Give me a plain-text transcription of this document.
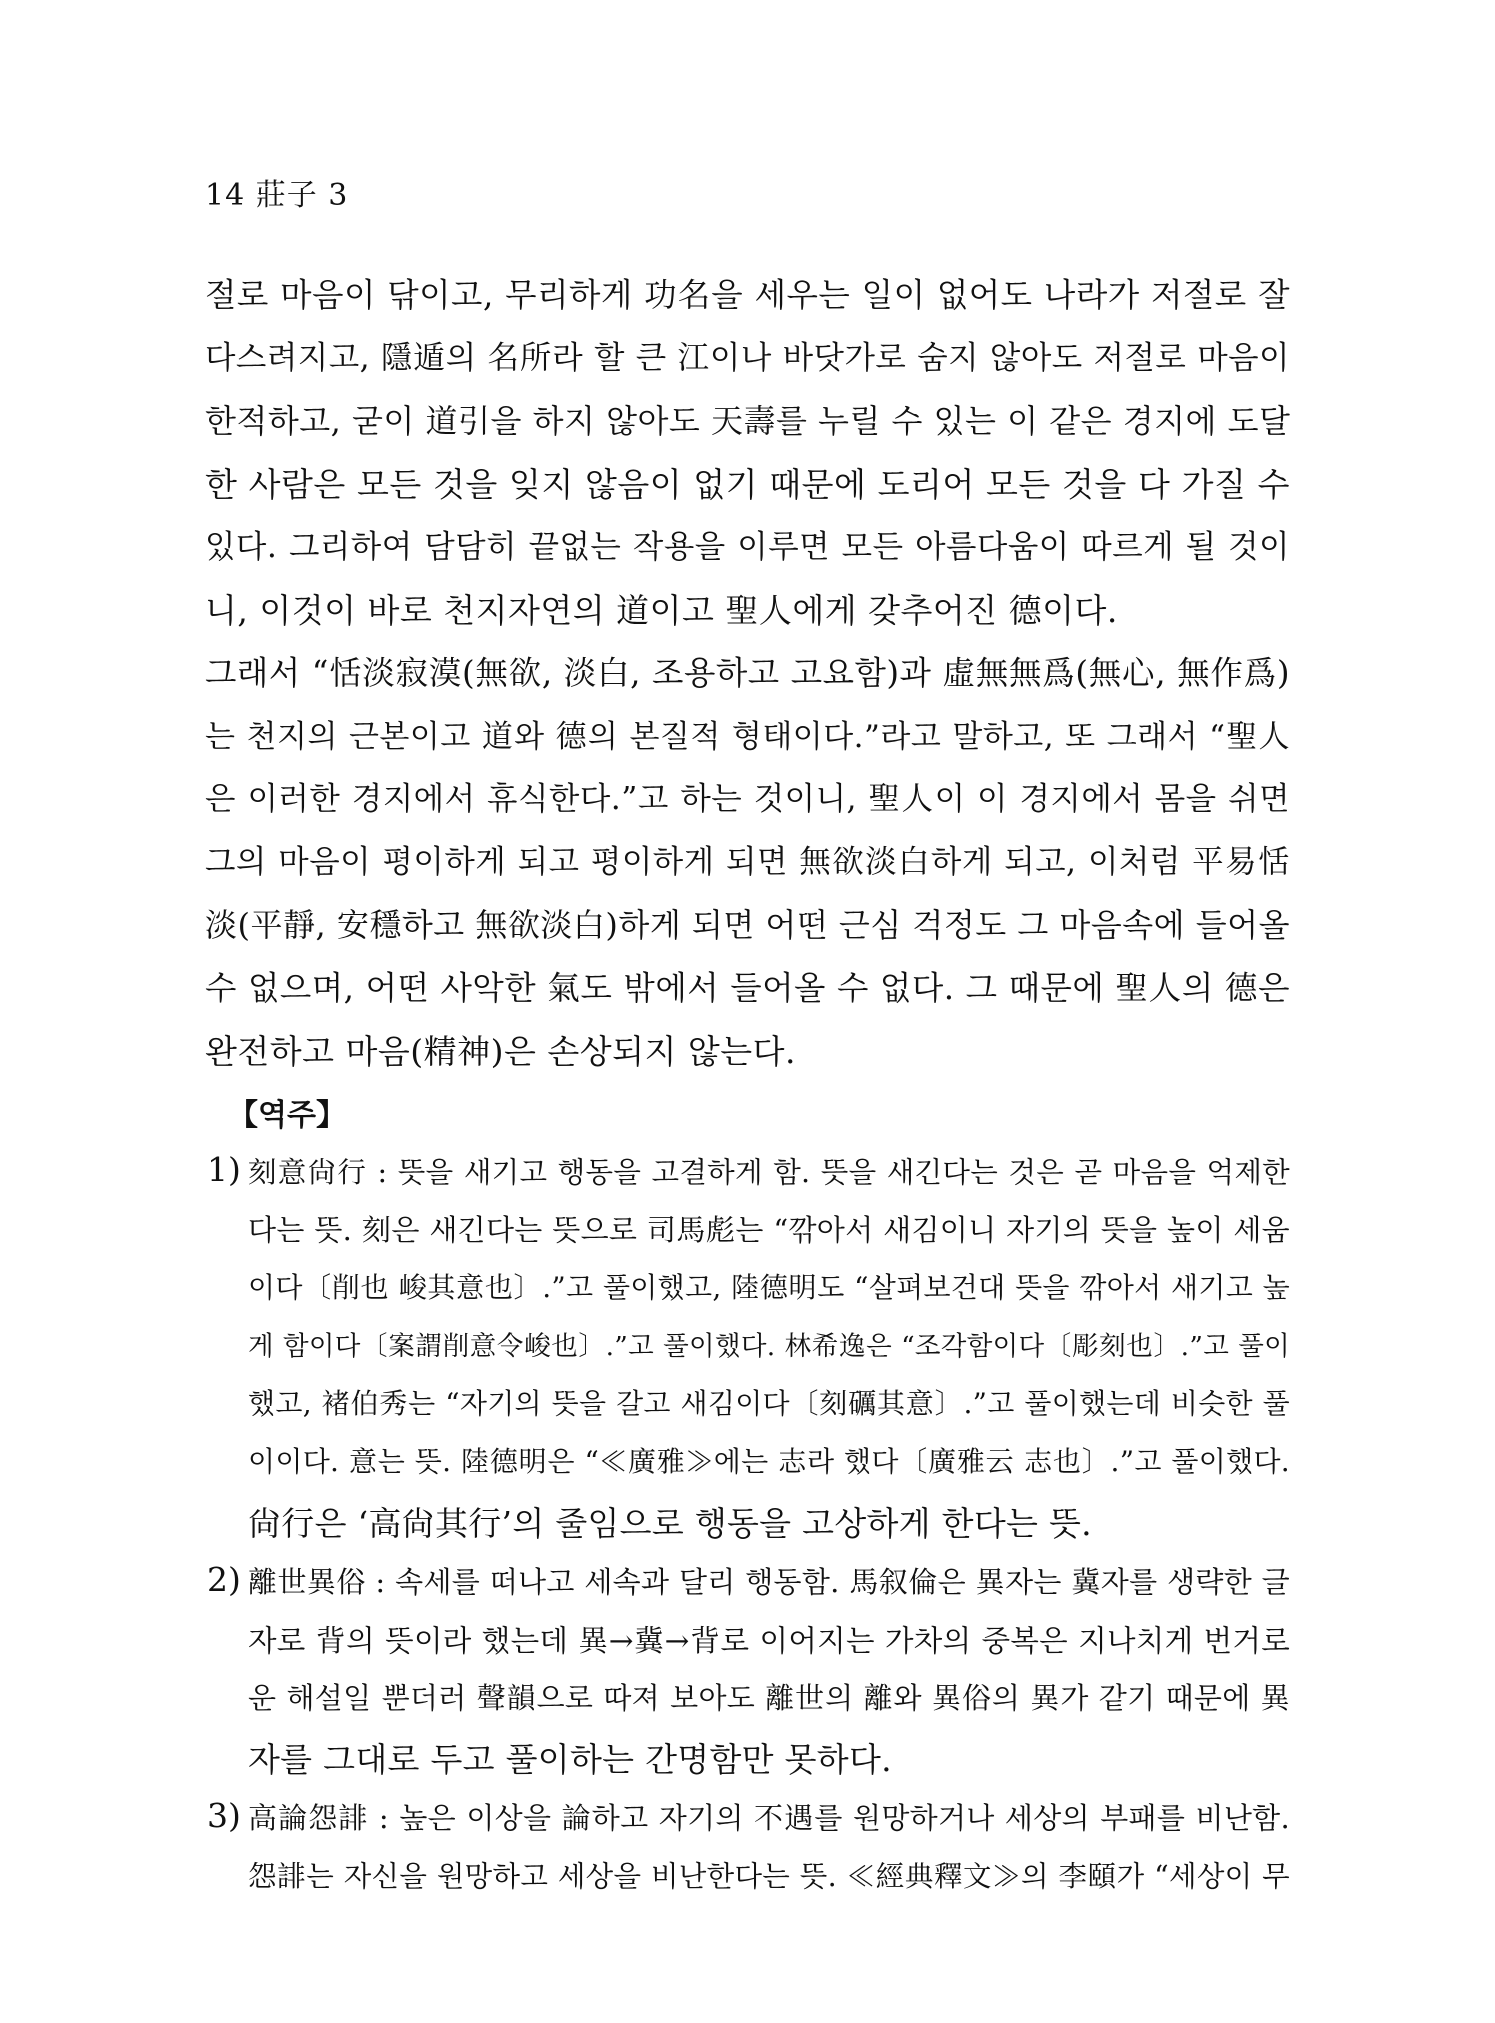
14 莊子 3
절로 마음이 닦이고, 무리하게 功名을 세우는 일이 없어도 나라가 저절로 잘
다스려지고, 隱遁의 名所라 할 큰 江이나 바닷가로 숨지 않아도 저절로 마음이
한적하고, 굳이 道引을 하지 않아도 天壽를 누릴 수 있는 이 같은 경지에 도달
한 사람은 모든 것을 잊지 않음이 없기 때문에 도리어 모든 것을 다 가질 수
있다. 그리하여 담담히 끝없는 작용을 이루면 모든 아름다움이 따르게 될 것이
니, 이것이 바로 천지자연의 道이고 聖人에게 갖추어진 德이다.
그래서 “恬淡寂漠(無欲, 淡白, 조용하고 고요함)과 虛無無爲(無心, 無作爲)
는 천지의 근본이고 道와 德의 본질적 형태이다.”라고 말하고, 또 그래서 “聖人
은 이러한 경지에서 휴식한다.”고 하는 것이니, 聖人이 이 경지에서 몸을 쉬면
그의 마음이 평이하게 되고 평이하게 되면 無欲淡白하게 되고, 이처럼 平易恬
淡(平靜, 安穩하고 無欲淡白)하게 되면 어떤 근심 걱정도 그 마음속에 들어올
수 없으며, 어떤 사악한 氣도 밖에서 들어올 수 없다. 그 때문에 聖人의 德은
완전하고 마음(精神)은 손상되지 않는다.
【역주】
1) 刻意尙行 : 뜻을 새기고 행동을 고결하게 함. 뜻을 새긴다는 것은 곧 마음을 억제한
다는 뜻. 刻은 새긴다는 뜻으로 司馬彪는 “깎아서 새김이니 자기의 뜻을 높이 세움
이다〔削也 峻其意也〕.”고 풀이했고, 陸德明도 “살펴보건대 뜻을 깎아서 새기고 높
게 함이다〔案謂削意令峻也〕.”고 풀이했다. 林希逸은 “조각함이다〔彫刻也〕.”고 풀이
했고, 褚伯秀는 “자기의 뜻을 갈고 새김이다〔刻礪其意〕.”고 풀이했는데 비슷한 풀
이이다. 意는 뜻. 陸德明은 “≪廣雅≫에는 志라 했다〔廣雅云 志也〕.”고 풀이했다.
尙行은 ‘高尙其行’의 줄임으로 행동을 고상하게 한다는 뜻.
2) 離世異俗 : 속세를 떠나고 세속과 달리 행동함. 馬叙倫은 異자는 冀자를 생략한 글
자로 背의 뜻이라 했는데 異→冀→背로 이어지는 가차의 중복은 지나치게 번거로
운 해설일 뿐더러 聲韻으로 따져 보아도 離世의 離와 異俗의 異가 같기 때문에 異
자를 그대로 두고 풀이하는 간명함만 못하다.
3) 高論怨誹 : 높은 이상을 論하고 자기의 不遇를 원망하거나 세상의 부패를 비난함.
怨誹는 자신을 원망하고 세상을 비난한다는 뜻. ≪經典釋文≫의 李頤가 “세상이 무
